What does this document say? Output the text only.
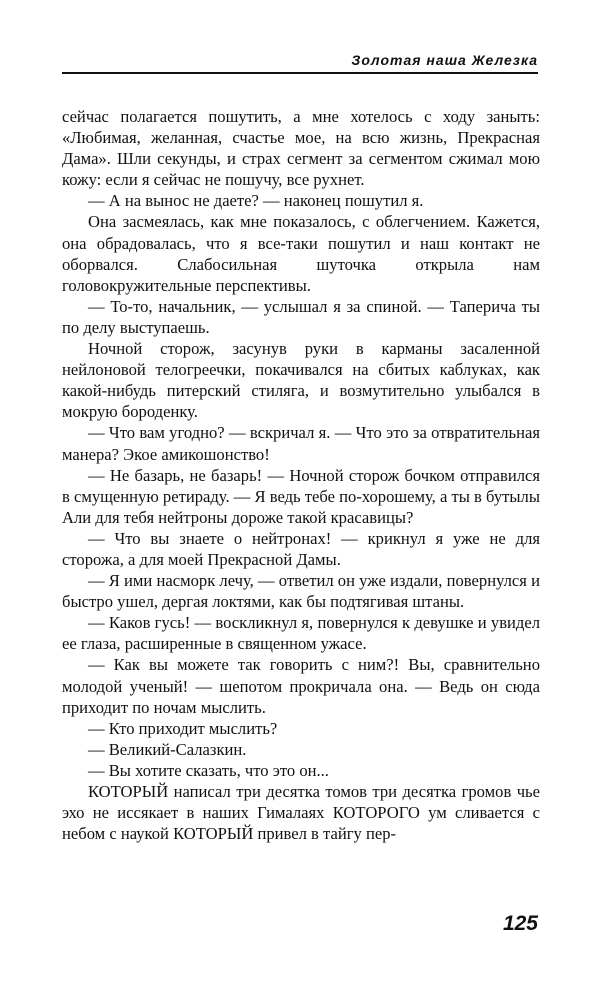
Золотая наша Железка

сейчас полагается пошутить, а мне хотелось с ходу заныть: «Любимая, желанная, счастье мое, на всю жизнь, Прекрасная Дама». Шли секунды, и страх сегмент за сегментом сжимал мою кожу: если я сейчас не пошучу, все рухнет.

— А на вынос не даете? — наконец пошутил я.

Она засмеялась, как мне показалось, с облегчением. Кажется, она обрадовалась, что я все-таки пошутил и наш контакт не оборвался. Слабосильная шуточка открыла нам головокружительные перспективы.

— То-то, начальник, — услышал я за спиной. — Таперича ты по делу выступаешь.

Ночной сторож, засунув руки в карманы засаленной нейлоновой телогреечки, покачивался на сбитых каблуках, как какой-нибудь питерский стиляга, и возмутительно улыбался в мокрую бороденку.

— Что вам угодно? — вскричал я. — Что это за отвратительная манера? Экое амикошонство!

— Не базарь, не базарь! — Ночной сторож бочком отправился в смущенную ретираду. — Я ведь тебе по-хорошему, а ты в бутылы Али для тебя нейтроны дороже такой красавицы?

— Что вы знаете о нейтронах! — крикнул я уже не для сторожа, а для моей Прекрасной Дамы.

— Я ими насморк лечу, — ответил он уже издали, повернулся и быстро ушел, дергая локтями, как бы подтягивая штаны.

— Каков гусь! — воскликнул я, повернулся к девушке и увидел ее глаза, расширенные в священном ужасе.

— Как вы можете так говорить с ним?! Вы, сравнительно молодой ученый! — шепотом прокричала она. — Ведь он сюда приходит по ночам мыслить.

— Кто приходит мыслить?

— Великий-Салазкин.

— Вы хотите сказать, что это он...

КОТОРЫЙ написал три десятка томов три десятка громов чье эхо не иссякает в наших Гималаях КОТОРОГО ум сливается с небом с наукой КОТОРЫЙ привел в тайгу пер-

125
